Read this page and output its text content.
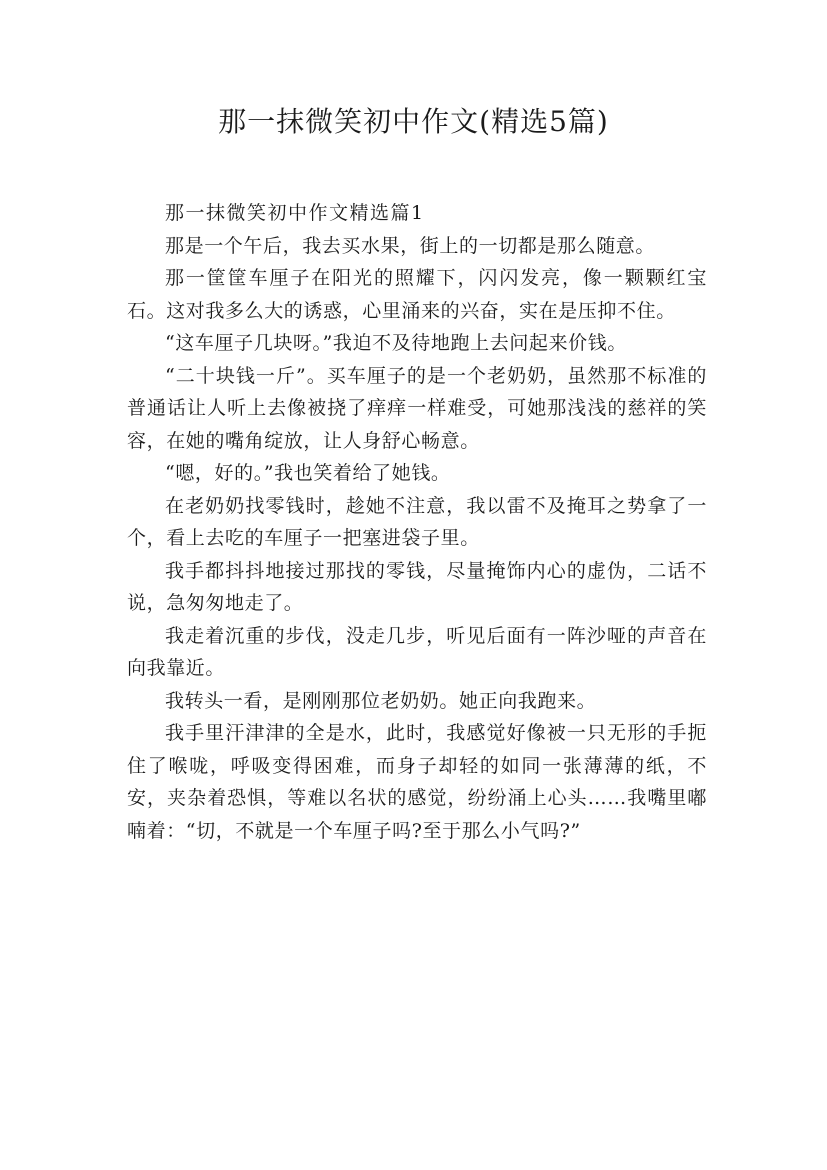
那一抹微笑初中作文(精选5篇)

那一抹微笑初中作文精选篇1

那是一个午后，我去买水果，街上的一切都是那么随意。

那一筐筐车厘子在阳光的照耀下，闪闪发亮，像一颗颗红宝石。这对我多么大的诱惑，心里涌来的兴奋，实在是压抑不住。

“这车厘子几块呀。”我迫不及待地跑上去问起来价钱。

“二十块钱一斤”。买车厘子的是一个老奶奶，虽然那不标准的普通话让人听上去像被挠了痒痒一样难受，可她那浅浅的慈祥的笑容，在她的嘴角绽放，让人身舒心畅意。

“嗯，好的。”我也笑着给了她钱。

在老奶奶找零钱时，趁她不注意，我以雷不及掩耳之势拿了一个，看上去吃的车厘子一把塞进袋子里。

我手都抖抖地接过那找的零钱，尽量掩饰内心的虚伪，二话不说，急匆匆地走了。

我走着沉重的步伐，没走几步，听见后面有一阵沙哑的声音在向我靠近。

我转头一看，是刚刚那位老奶奶。她正向我跑来。

我手里汗津津的全是水，此时，我感觉好像被一只无形的手扼住了喉咙，呼吸变得困难，而身子却轻的如同一张薄薄的纸，不安，夹杂着恐惧，等难以名状的感觉，纷纷涌上心头……我嘴里嘟喃着：“切，不就是一个车厘子吗?至于那么小气吗?”
